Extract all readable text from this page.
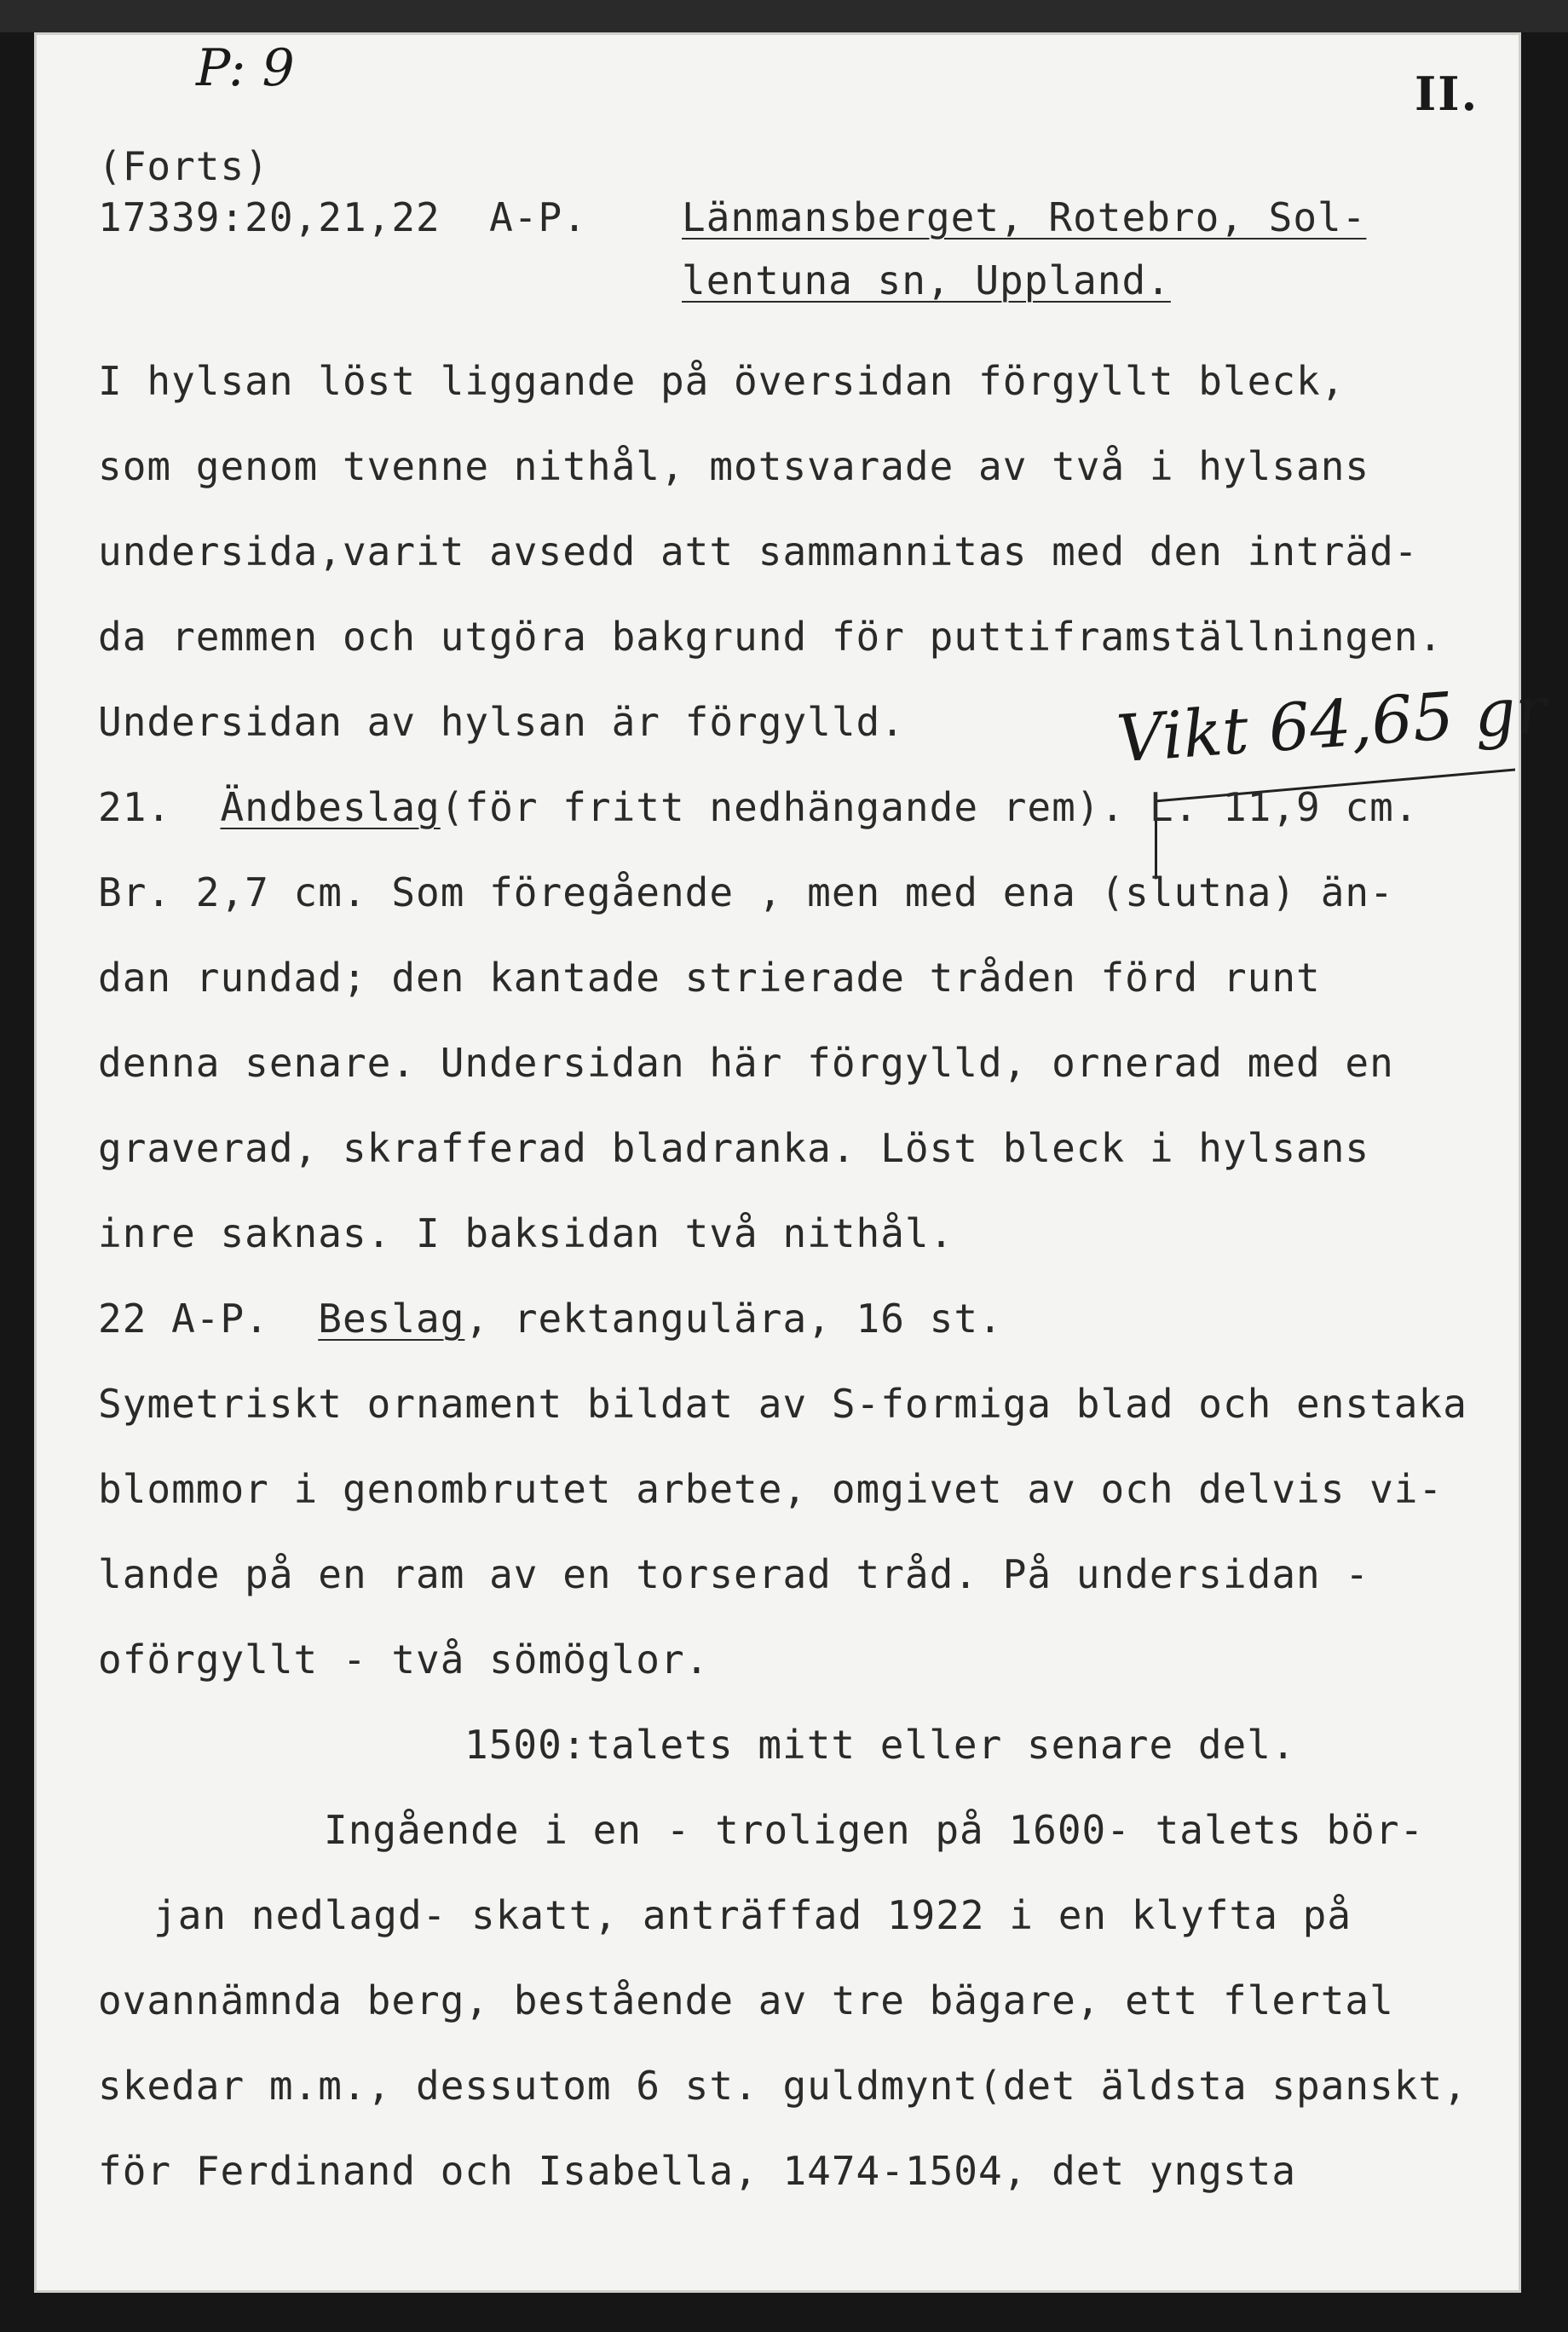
P: 9	II.
(Forts)
17339:20,21,22  A-P. Länmansberget, Rotebro, Sol-
lentuna sn, Uppland.
I hylsan löst liggande på översidan förgyllt bleck,
som genom tvenne nithål, motsvarade av två i hylsans
undersida,varit avsedd att sammannitas med den inträd-
da remmen och utgöra bakgrund för puttiframställningen.
Undersidan av hylsan är förgylld.	Vikt 64,65 gr
21. Ändbeslag(för fritt nedhängande rem). L. 11,9 cm.
Br. 2,7 cm. Som föregående , men med ena (slutna) än-
dan rundad; den kantade strierade tråden förd runt
denna senare. Undersidan här förgylld, ornerad med en
graverad, skrafferad bladranka. Löst bleck i hylsans
inre saknas. I baksidan två nithål.
22 A-P. Beslag, rektangulära, 16 st.
Symetriskt ornament bildat av S-formiga blad och enstaka
blommor i genombrutet arbete, omgivet av och delvis vi-
lande på en ram av en torserad tråd. På undersidan -
oförgyllt - två sömöglor.
1500:talets mitt eller senare del.
Ingående i en - troligen på 1600- talets bör-
jan nedlagd- skatt, anträffad 1922 i en klyfta på
ovannämnda berg, bestående av tre bägare, ett flertal
skedar m.m., dessutom 6 st. guldmynt(det äldsta spanskt,
för Ferdinand och Isabella, 1474-1504, det yngsta
